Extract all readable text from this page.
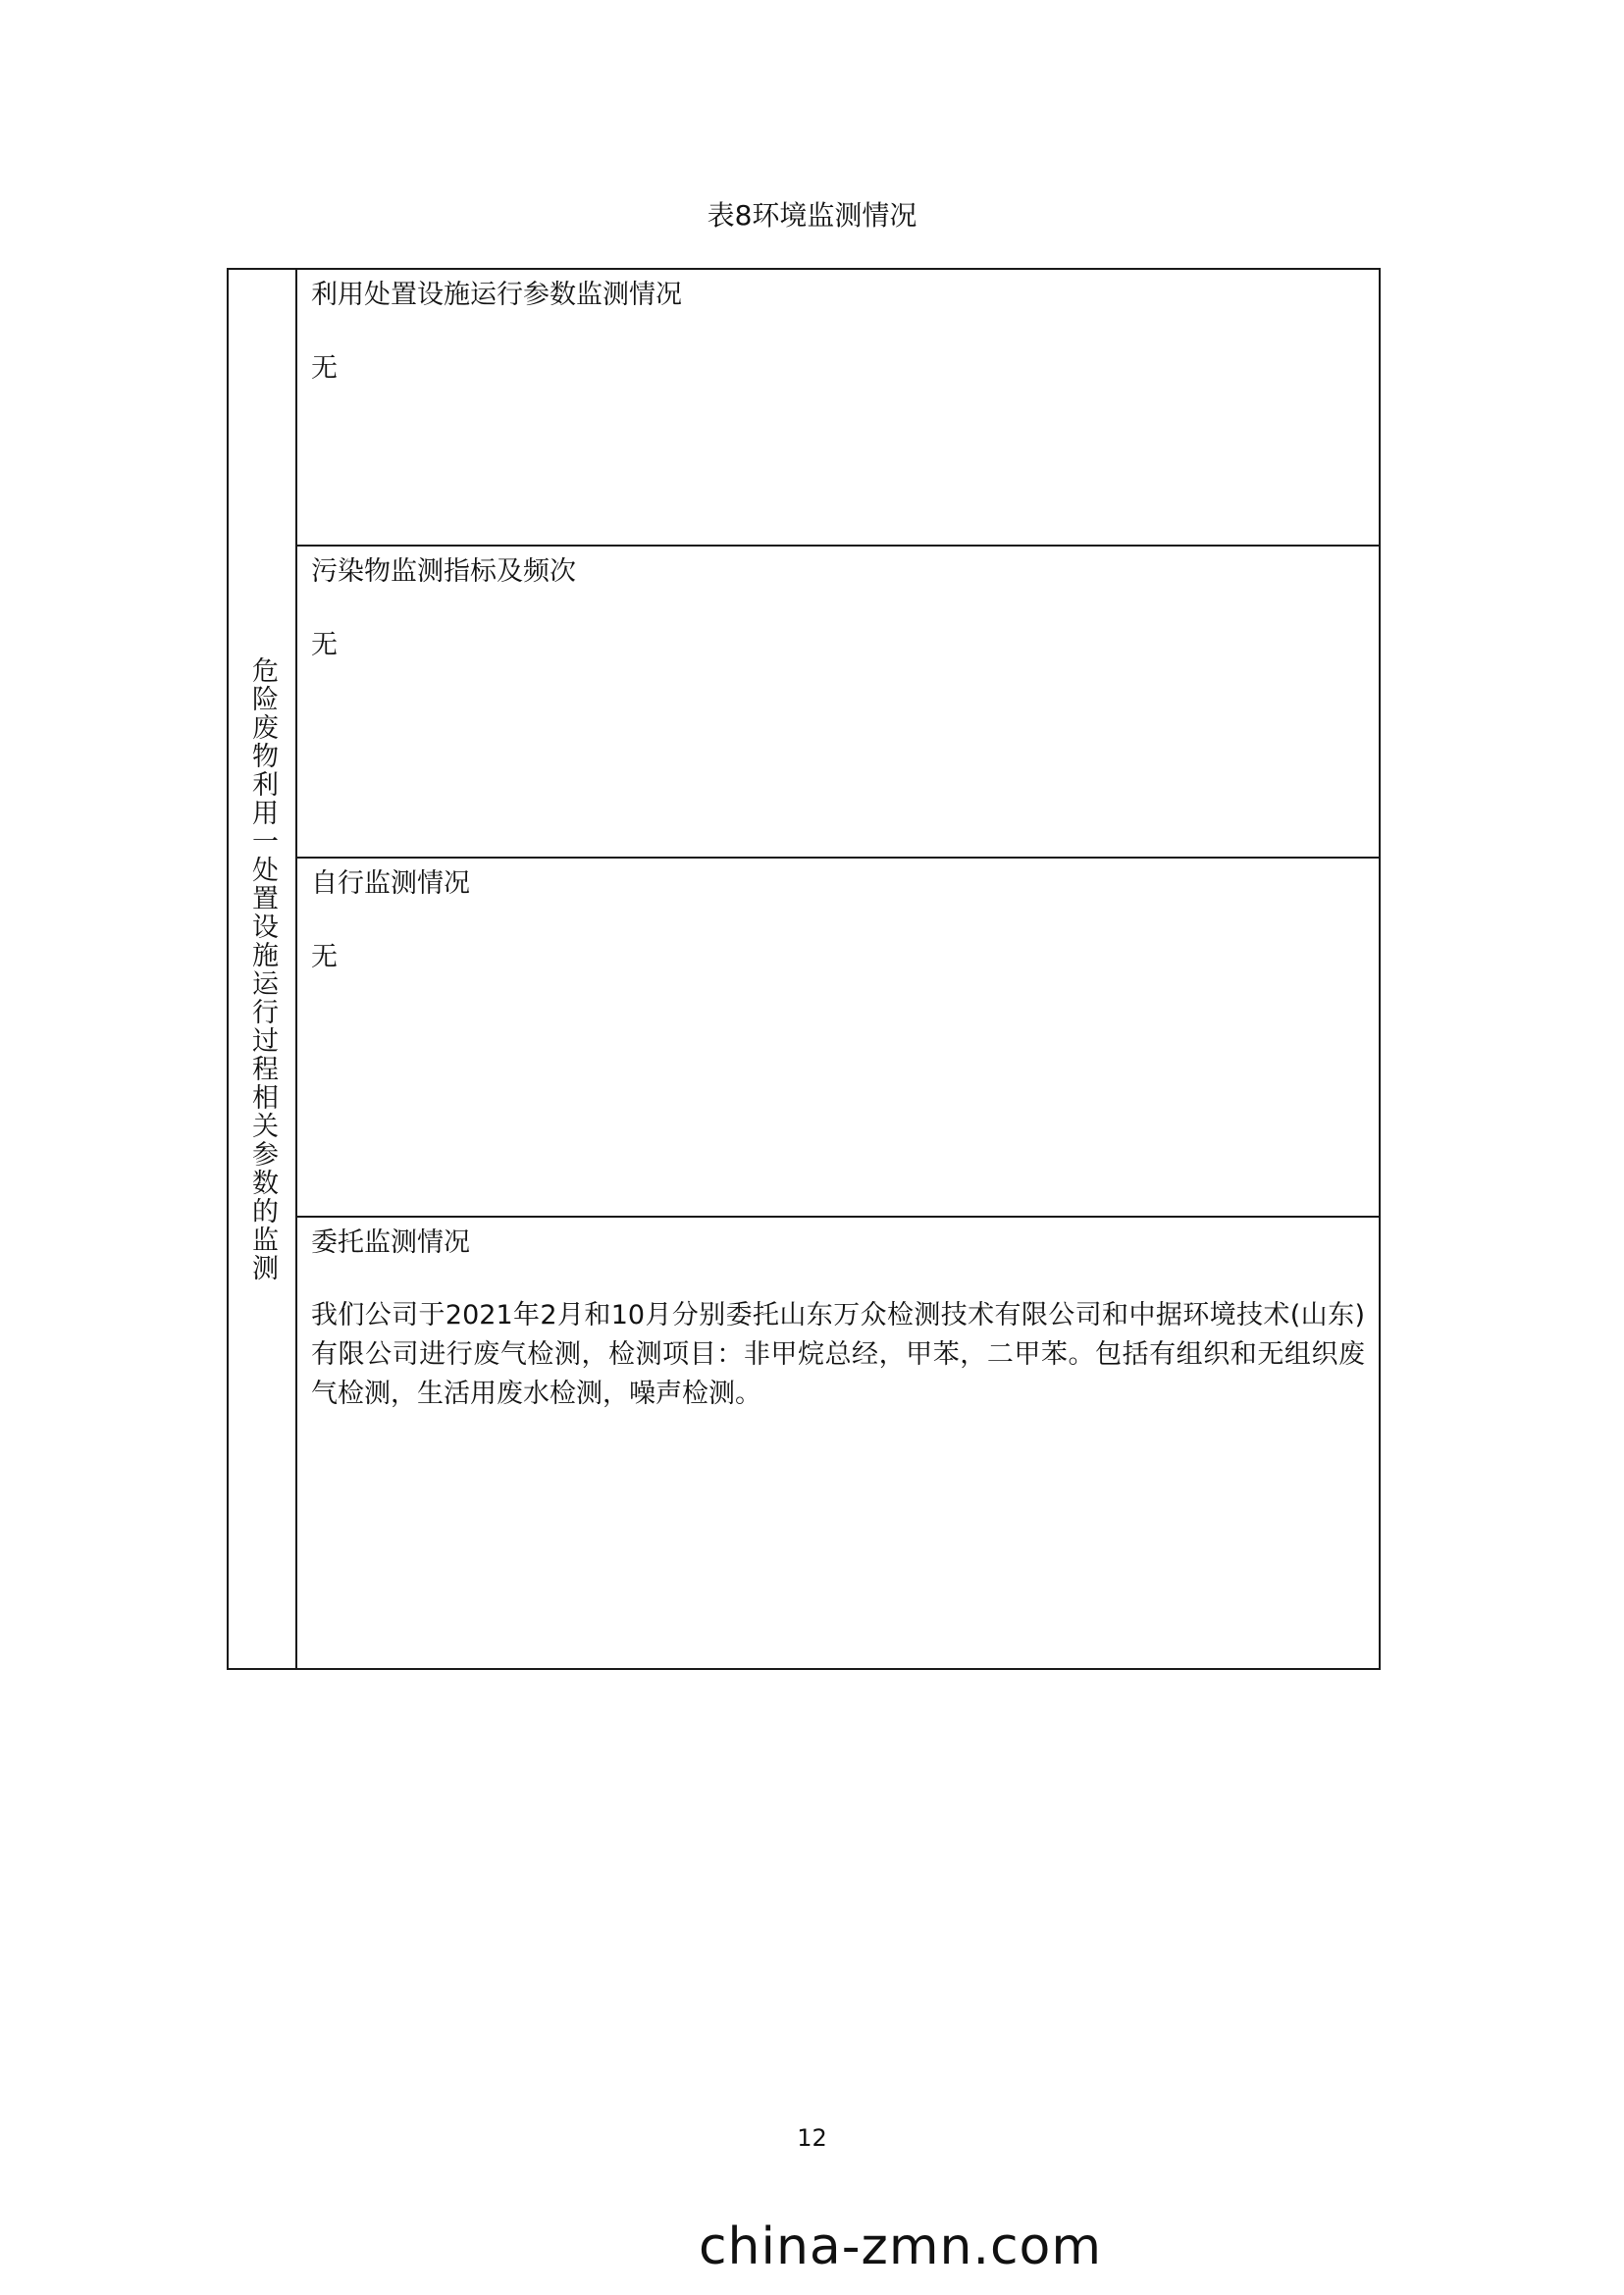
表8环境监测情况
危险废物利用一处置设施运行过程相关参数的监测
利用处置设施运行参数监测情况
无
污染物监测指标及频次
无
自行监测情况
无
委托监测情况
我们公司于2021年2月和10月分别委托山东万众检测技术有限公司和中据环境技术(山东)有限公司进行废气检测，检测项目：非甲烷总经，甲苯，二甲苯。包括有组织和无组织废气检测，生活用废水检测，噪声检测。
12
china-zmn.com
